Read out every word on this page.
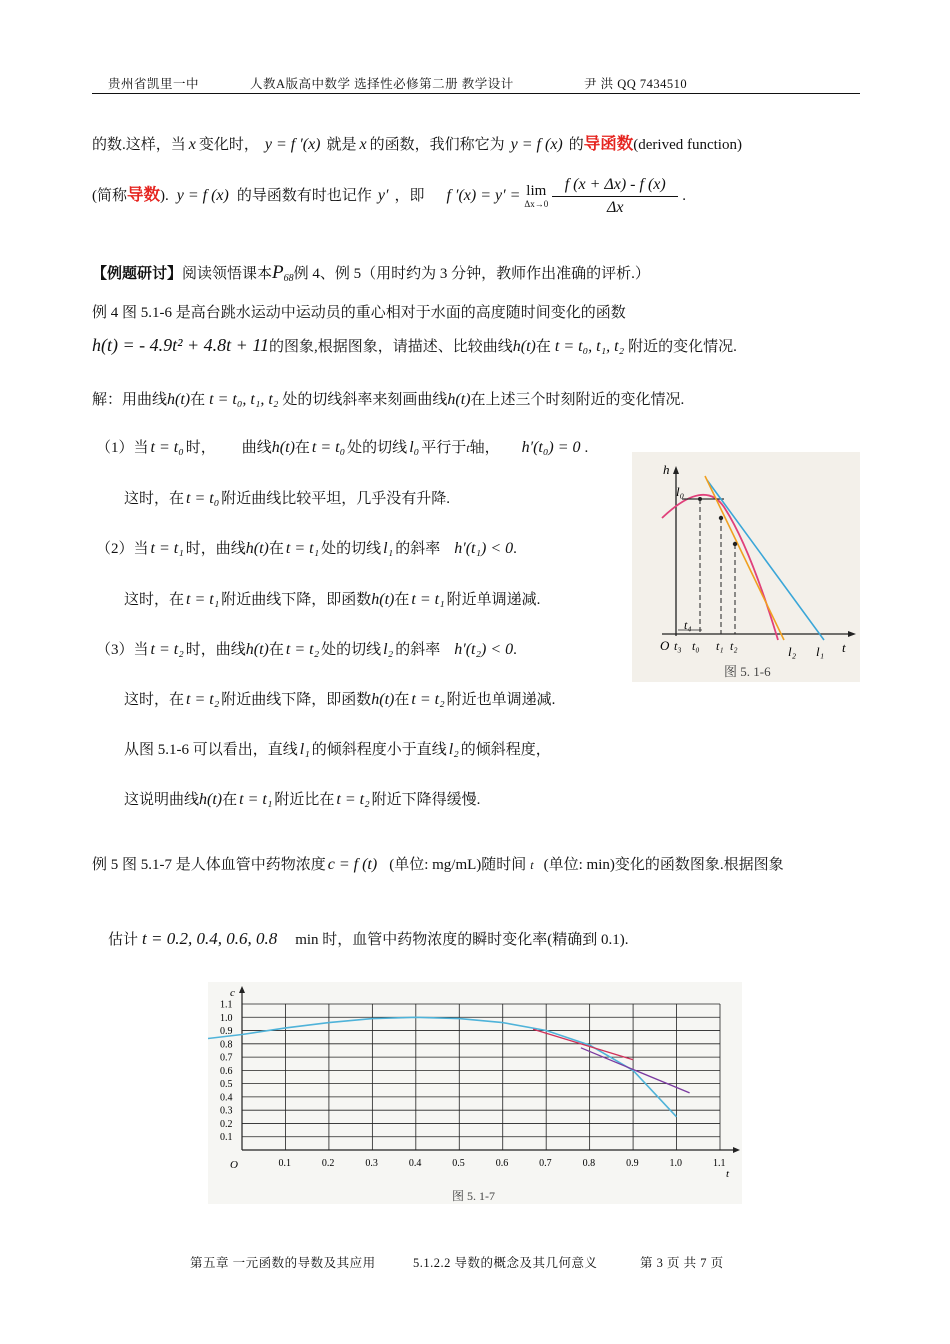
贵州省凯里一中	人教A版高中数学 选择性必修第二册 教学设计	尹 洪 QQ 7434510
的数.这样，当 x 变化时， y = f ′(x) 就是 x 的函数，我们称它为 y = f (x) 的导函数(derived function)
(简称导数). y = f (x) 的导函数有时也记作 y′ ，即 f ′(x) = y′ = lim
$\Delta x\to 0 \frac{f (x + \Delta x) - f (x)}{\Delta x}$ .
【例题研讨】阅读领悟课本$P_{68}$例 4、例 5（用时约为 3 分钟，教师作出准确的评析.）
例 4 图 5.1-6 是高台跳水运动中运动员的重心相对于水面的高度随时间变化的函数
h(t) = - 4.9t² + 4.8t + 11的图象,根据图象，请描述、比较曲线h(t)在 t = t₀, t₁, t₂ 附近的变化情况.
解：用曲线h(t)在 t = t₀, t₁, t₂ 处的切线斜率来刻画曲线h(t)在上述三个时刻附近的变化情况.
（1）当 t = t₀ 时， 曲线h(t)在 t = t₀ 处的切线 l₀ 平行于t轴， h′(t₀) = 0 .
这时，在 t = t₀ 附近曲线比较平坦，几乎没有升降.
（2）当 t = t₁ 时，曲线h(t)在 t = t₁ 处的切线 l₁ 的斜率 h′(t₁) < 0.
这时，在 t = t₁ 附近曲线下降，即函数h(t)在 t = t₁ 附近单调递减.
（3）当 t = t₂ 时，曲线h(t)在 t = t₂ 处的切线 l₂ 的斜率 h′(t₂) < 0.
这时，在 t = t₂ 附近曲线下降，即函数h(t)在 t = t₂ 附近也单调递减.
从图 5.1-6 可以看出，直线 l₁ 的倾斜程度小于直线 l₂ 的倾斜程度，
这说明曲线h(t)在 t = t₁ 附近比在 t = t₂ 附近下降得缓慢.
h
l₀
O t₃
t₄
t₀ t₁ t₂	l₂ l₁ t
图 5. 1-6
例 5 图 5.1-7 是人体血管中药物浓度 c = f (t) (单位: mg/mL)随时间 t (单位: min)变化的函数图象.根据图象
估计 t = 0.2, 0.4, 0.6, 0.8 min 时，血管中药物浓度的瞬时变化率(精确到 0.1).
0.1	0.2	0.3	0.4	0.5	0.6	0.7	0.8	0.9	1.0	1.1
0.1
0.2
0.3
0.4
0.5
0.6
0.7
0.8
0.9
1.0
1.1
c
t
O
图 5. 1-7
第五章 一元函数的导数及其应用	5.1.2.2 导数的概念及其几何意义	第 3 页 共 7 页
